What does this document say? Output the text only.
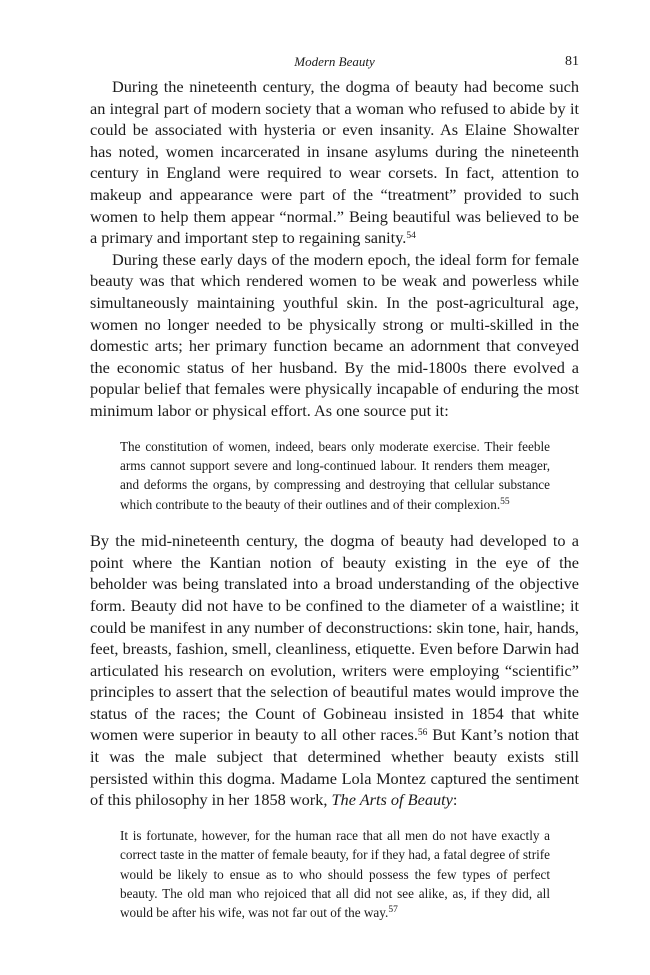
Modern Beauty	81

During the nineteenth century, the dogma of beauty had become such an integral part of modern society that a woman who refused to abide by it could be associated with hysteria or even insanity. As Elaine Showalter has noted, women incarcerated in insane asylums during the nineteenth century in England were required to wear corsets. In fact, attention to makeup and appearance were part of the “treatment” provided to such women to help them appear “normal.” Being beautiful was believed to be a primary and important step to regaining sanity.$^{54}$

During these early days of the modern epoch, the ideal form for female beauty was that which rendered women to be weak and powerless while simultaneously maintaining youthful skin. In the post-agricultural age, women no longer needed to be physically strong or multi-skilled in the domestic arts; her primary function became an adornment that conveyed the economic status of her husband. By the mid-1800s there evolved a popular belief that females were physically incapable of enduring the most minimum labor or physical effort. As one source put it:

The constitution of women, indeed, bears only moderate exercise. Their feeble arms cannot support severe and long-continued labour. It renders them meager, and deforms the organs, by compressing and destroying that cellular substance which contribute to the beauty of their outlines and of their complexion.$^{55}$

By the mid-nineteenth century, the dogma of beauty had developed to a point where the Kantian notion of beauty existing in the eye of the beholder was being translated into a broad understanding of the objective form. Beauty did not have to be confined to the diameter of a waistline; it could be manifest in any number of deconstructions: skin tone, hair, hands, feet, breasts, fashion, smell, cleanliness, etiquette. Even before Darwin had articulated his research on evolution, writers were employing “scientific” principles to assert that the selection of beautiful mates would improve the status of the races; the Count of Gobineau insisted in 1854 that white women were superior in beauty to all other races.$^{56}$ But Kant’s notion that it was the male subject that determined whether beauty exists still persisted within this dogma. Madame Lola Montez captured the sentiment of this philosophy in her 1858 work, The Arts of Beauty:

It is fortunate, however, for the human race that all men do not have exactly a correct taste in the matter of female beauty, for if they had, a fatal degree of strife would be likely to ensue as to who should possess the few types of perfect beauty. The old man who rejoiced that all did not see alike, as, if they did, all would be after his wife, was not far out of the way.$^{57}$
